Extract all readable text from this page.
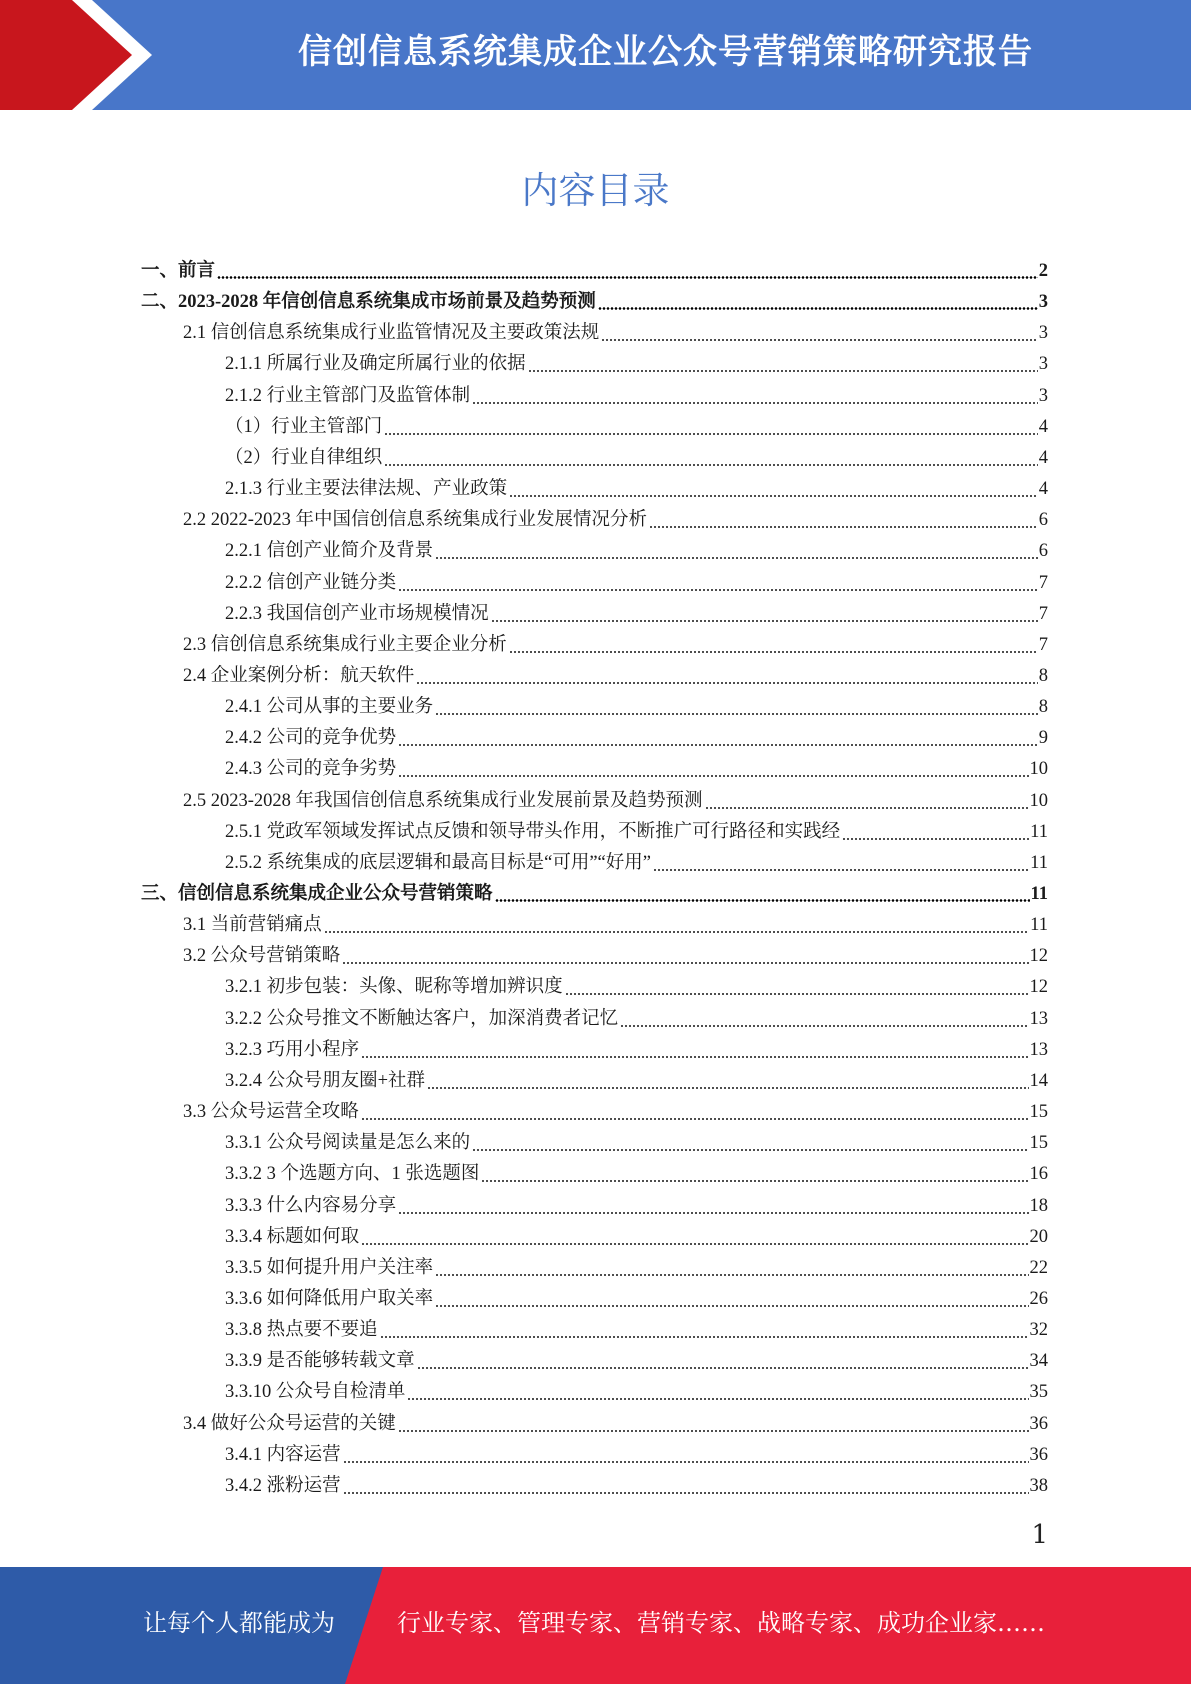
信创信息系统集成企业公众号营销策略研究报告
内容目录
一、前言	2
二、2023-2028 年信创信息系统集成市场前景及趋势预测	3
2.1 信创信息系统集成行业监管情况及主要政策法规	3
2.1.1 所属行业及确定所属行业的依据	3
2.1.2 行业主管部门及监管体制	3
（1）行业主管部门	4
（2）行业自律组织	4
2.1.3 行业主要法律法规、产业政策	4
2.2 2022-2023 年中国信创信息系统集成行业发展情况分析	6
2.2.1 信创产业简介及背景	6
2.2.2 信创产业链分类	7
2.2.3 我国信创产业市场规模情况	7
2.3 信创信息系统集成行业主要企业分析	7
2.4 企业案例分析：航天软件	8
2.4.1 公司从事的主要业务	8
2.4.2 公司的竞争优势	9
2.4.3 公司的竞争劣势	10
2.5 2023-2028 年我国信创信息系统集成行业发展前景及趋势预测	10
2.5.1 党政军领域发挥试点反馈和领导带头作用，不断推广可行路径和实践经	11
2.5.2 系统集成的底层逻辑和最高目标是“可用”“好用”	11
三、信创信息系统集成企业公众号营销策略	11
3.1 当前营销痛点	11
3.2 公众号营销策略	12
3.2.1 初步包装：头像、昵称等增加辨识度	12
3.2.2 公众号推文不断触达客户，加深消费者记忆	13
3.2.3 巧用小程序	13
3.2.4 公众号朋友圈+社群	14
3.3 公众号运营全攻略	15
3.3.1 公众号阅读量是怎么来的	15
3.3.2 3 个选题方向、1 张选题图	16
3.3.3 什么内容易分享	18
3.3.4 标题如何取	20
3.3.5 如何提升用户关注率	22
3.3.6 如何降低用户取关率	26
3.3.8 热点要不要追	32
3.3.9 是否能够转载文章	34
3.3.10 公众号自检清单	35
3.4 做好公众号运营的关键	36
3.4.1 内容运营	36
3.4.2 涨粉运营	38
1
让每个人都能成为	行业专家、管理专家、营销专家、战略专家、成功企业家……
